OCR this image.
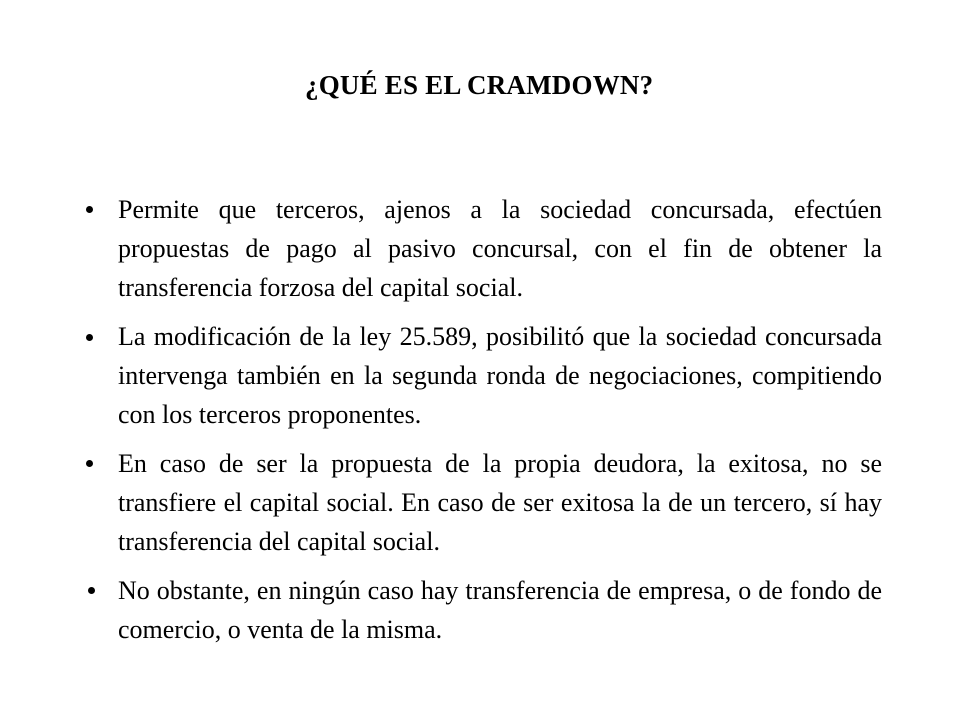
¿QUÉ ES EL CRAMDOWN?
Permite que terceros, ajenos a la sociedad concursada, efectúen propuestas de pago al pasivo concursal, con el fin de obtener la transferencia forzosa del capital social.
La modificación de la ley 25.589, posibilitó que la sociedad concursada intervenga también en la segunda ronda de negociaciones, compitiendo con los terceros proponentes.
En caso de ser la propuesta de la propia deudora, la exitosa, no se transfiere el capital social. En caso de ser exitosa la de un tercero, sí hay transferencia del capital social.
No obstante, en ningún caso hay transferencia de empresa, o de fondo de comercio, o venta de la misma.
